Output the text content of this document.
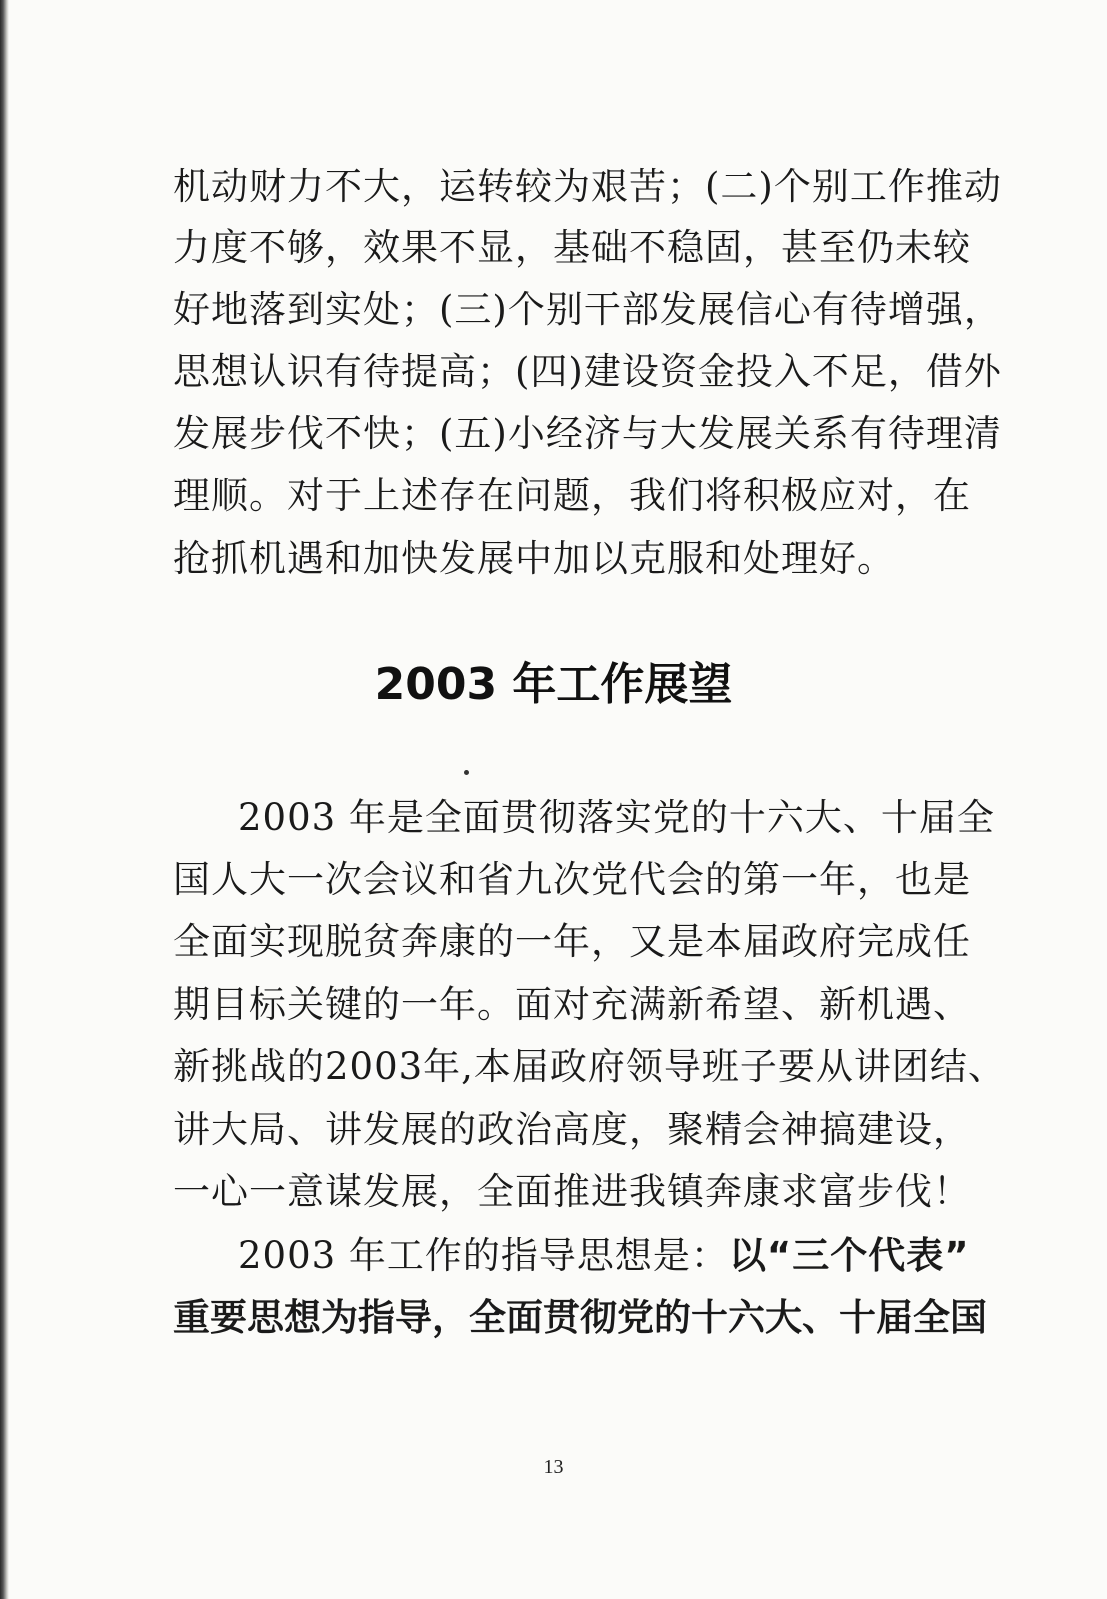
机动财力不大，运转较为艰苦；(二)个别工作推动
力度不够，效果不显，基础不稳固，甚至仍未较
好地落到实处；(三)个别干部发展信心有待增强，
思想认识有待提高；(四)建设资金投入不足，借外
发展步伐不快；(五)小经济与大发展关系有待理清
理顺。对于上述存在问题，我们将积极应对，在
抢抓机遇和加快发展中加以克服和处理好。
2003 年工作展望
2003 年是全面贯彻落实党的十六大、十届全
国人大一次会议和省九次党代会的第一年，也是
全面实现脱贫奔康的一年，又是本届政府完成任
期目标关键的一年。面对充满新希望、新机遇、
新挑战的2003年,本届政府领导班子要从讲团结、
讲大局、讲发展的政治高度，聚精会神搞建设，
一心一意谋发展，全面推进我镇奔康求富步伐！
2003 年工作的指导思想是：以“三个代表”
重要思想为指导，全面贯彻党的十六大、十届全国
13
